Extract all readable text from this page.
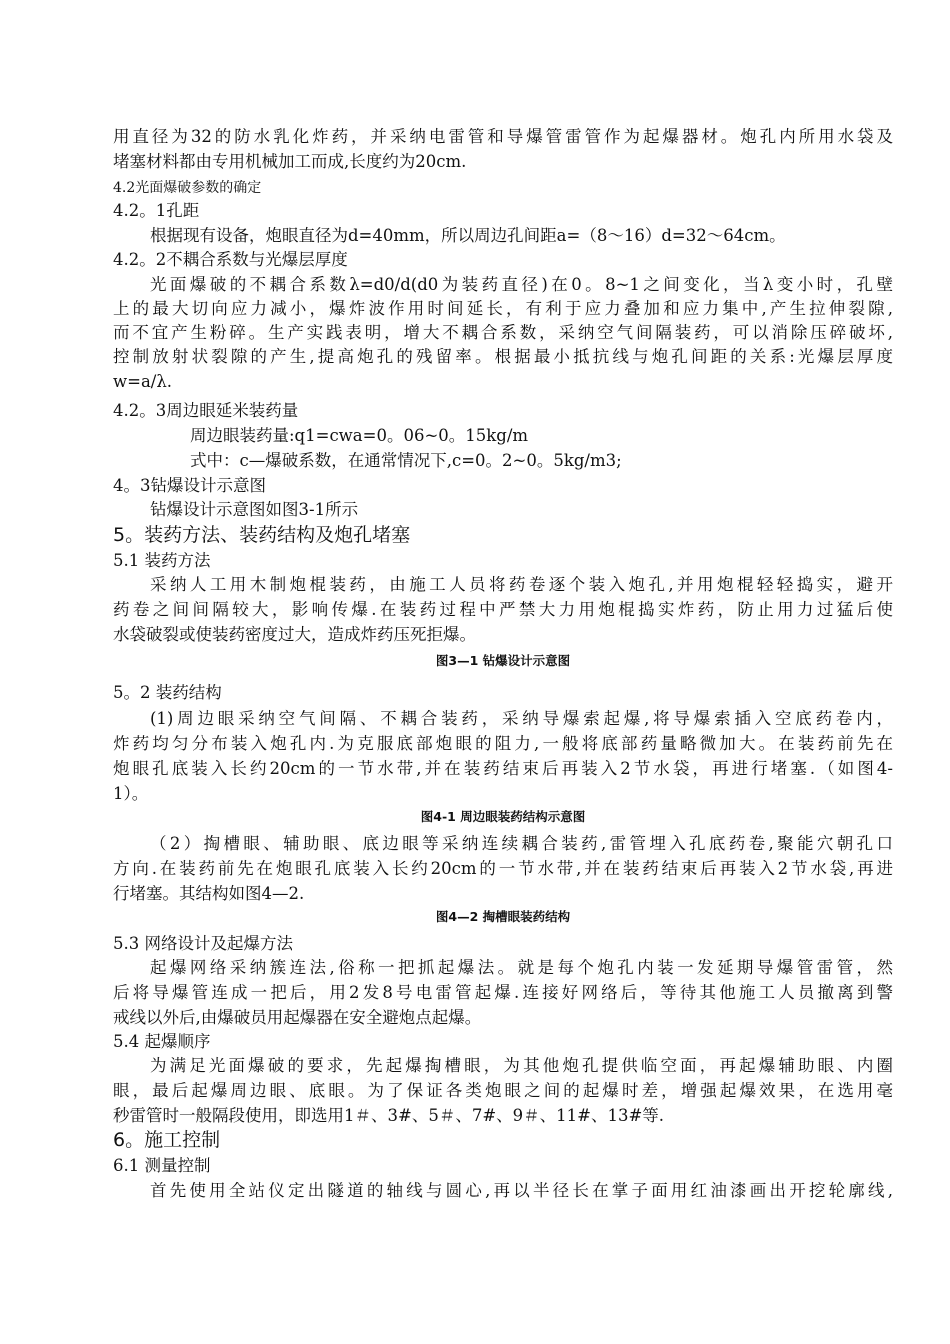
用直径为32的防水乳化炸药，并采纳电雷管和导爆管雷管作为起爆器材。炮孔内所用水袋及
堵塞材料都由专用机械加工而成,长度约为20cm.
4.2光面爆破参数的确定
4.2。1孔距
根据现有设备，炮眼直径为d=40mm，所以周边孔间距a=（8～16）d=32～64cm。
4.2。2不耦合系数与光爆层厚度
光面爆破的不耦合系数λ=d0/d(d0为装药直径)在0。8~1之间变化，当λ变小时，孔壁
上的最大切向应力减小，爆炸波作用时间延长，有利于应力叠加和应力集中,产生拉伸裂隙,
而不宜产生粉碎。生产实践表明，增大不耦合系数，采纳空气间隔装药，可以消除压碎破坏,
控制放射状裂隙的产生,提高炮孔的残留率。根据最小抵抗线与炮孔间距的关系:光爆层厚度
w=a/λ.
4.2。3周边眼延米装药量
周边眼装药量:q1=cwa=0。06~0。15kg/m
式中：c—爆破系数，在通常情况下,c=0。2~0。5kg/m3;
4。3钻爆设计示意图
钻爆设计示意图如图3-1所示
5。装药方法、装药结构及炮孔堵塞
5.1 装药方法
采纳人工用木制炮棍装药，由施工人员将药卷逐个装入炮孔,并用炮棍轻轻捣实，避开
药卷之间间隔较大，影响传爆.在装药过程中严禁大力用炮棍捣实炸药，防止用力过猛后使
水袋破裂或使装药密度过大，造成炸药压死拒爆。
图3—1 钻爆设计示意图
5。2 装药结构
(1)周边眼采纳空气间隔、不耦合装药，采纳导爆索起爆,将导爆索插入空底药卷内，
炸药均匀分布装入炮孔内.为克服底部炮眼的阻力,一般将底部药量略微加大。在装药前先在
炮眼孔底装入长约20cm的一节水带,并在装药结束后再装入2节水袋，再进行堵塞.（如图4-
1）。
图4-1 周边眼装药结构示意图
（2）掏槽眼、辅助眼、底边眼等采纳连续耦合装药,雷管埋入孔底药卷,聚能穴朝孔口
方向.在装药前先在炮眼孔底装入长约20cm的一节水带,并在装药结束后再装入2节水袋,再进
行堵塞。其结构如图4—2.
图4—2 掏槽眼装药结构
5.3 网络设计及起爆方法
起爆网络采纳簇连法,俗称一把抓起爆法。就是每个炮孔内装一发延期导爆管雷管，然
后将导爆管连成一把后，用2发8号电雷管起爆.连接好网络后，等待其他施工人员撤离到警
戒线以外后,由爆破员用起爆器在安全避炮点起爆。
5.4 起爆顺序
为满足光面爆破的要求，先起爆掏槽眼，为其他炮孔提供临空面，再起爆辅助眼、内圈
眼，最后起爆周边眼、底眼。为了保证各类炮眼之间的起爆时差，增强起爆效果，在选用毫
秒雷管时一般隔段使用，即选用1＃、3#、5＃、7#、9＃、11#、13#等.
6。施工控制
6.1 测量控制
首先使用全站仪定出隧道的轴线与圆心,再以半径长在掌子面用红油漆画出开挖轮廓线,
